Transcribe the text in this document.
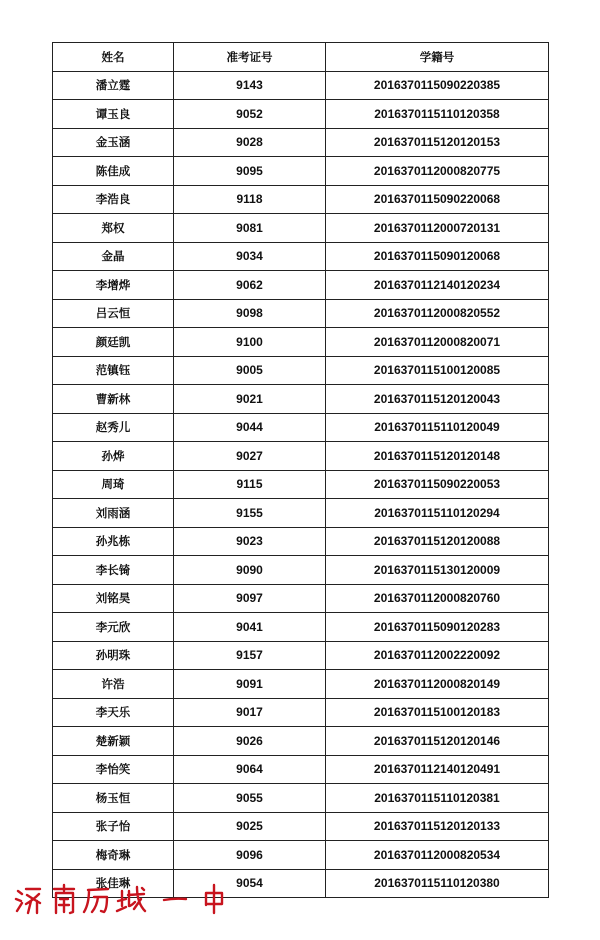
姓名	准考证号	学籍号
潘立霆	9143	2016370115090220385
谭玉良	9052	2016370115110120358
金玉涵	9028	2016370115120120153
陈佳成	9095	2016370112000820775
李浩良	9118	2016370115090220068
郑权	9081	2016370112000720131
金晶	9034	2016370115090120068
李增烨	9062	2016370112140120234
吕云恒	9098	2016370112000820552
颜廷凯	9100	2016370112000820071
范镇钰	9005	2016370115100120085
曹新林	9021	2016370115120120043
赵秀儿	9044	2016370115110120049
孙烨	9027	2016370115120120148
周琦	9115	2016370115090220053
刘雨涵	9155	2016370115110120294
孙兆栋	9023	2016370115120120088
李长锜	9090	2016370115130120009
刘铭昊	9097	2016370112000820760
李元欣	9041	2016370115090120283
孙明珠	9157	2016370112002220092
许浩	9091	2016370112000820149
李天乐	9017	2016370115100120183
楚新颖	9026	2016370115120120146
李怡笑	9064	2016370112140120491
杨玉恒	9055	2016370115110120381
张子怡	9025	2016370115120120133
梅奇琳	9096	2016370112000820534
张佳琳	9054	2016370115110120380
